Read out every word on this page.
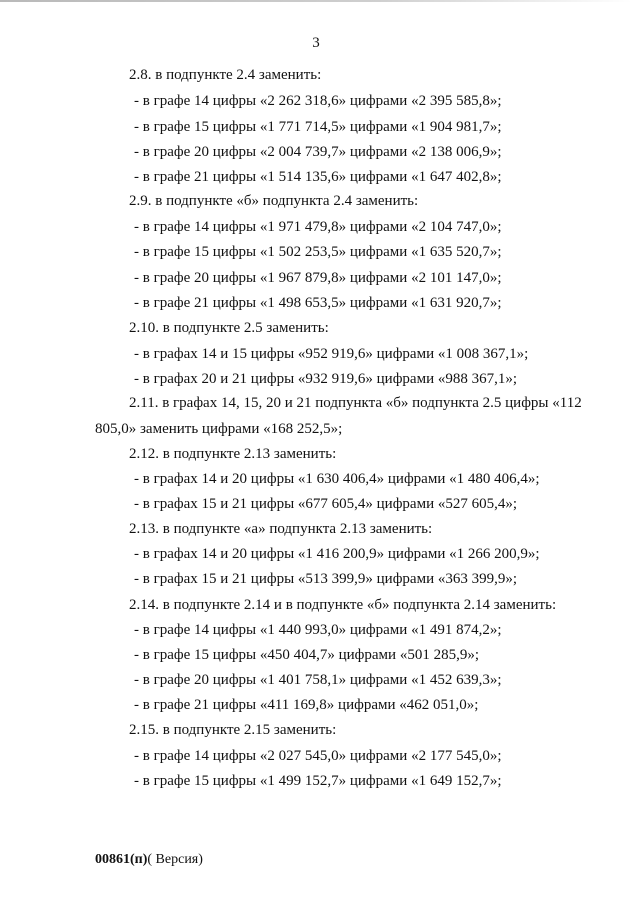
3
2.8. в подпункте 2.4 заменить:
- в графе 14 цифры «2 262 318,6» цифрами «2 395 585,8»;
- в графе 15 цифры «1 771 714,5» цифрами «1 904 981,7»;
- в графе 20 цифры «2 004 739,7» цифрами «2 138 006,9»;
- в графе 21 цифры «1 514 135,6» цифрами «1 647 402,8»;
2.9. в подпункте «б» подпункта 2.4 заменить:
- в графе 14 цифры «1 971 479,8» цифрами «2 104 747,0»;
- в графе 15 цифры «1 502 253,5» цифрами «1 635 520,7»;
- в графе 20 цифры «1 967 879,8» цифрами «2 101 147,0»;
- в графе 21 цифры «1 498 653,5» цифрами «1 631 920,7»;
2.10. в подпункте 2.5 заменить:
- в графах 14 и 15 цифры «952 919,6» цифрами «1 008 367,1»;
- в графах 20 и 21 цифры «932 919,6» цифрами «988 367,1»;
2.11. в графах 14, 15, 20 и 21 подпункта «б» подпункта 2.5 цифры «112
805,0» заменить цифрами «168 252,5»;
2.12. в подпункте 2.13 заменить:
- в графах 14 и 20 цифры «1 630 406,4» цифрами «1 480 406,4»;
- в графах 15 и 21 цифры «677 605,4» цифрами «527 605,4»;
2.13. в подпункте «а» подпункта 2.13 заменить:
- в графах 14 и 20 цифры «1 416 200,9» цифрами «1 266 200,9»;
- в графах 15 и 21 цифры «513 399,9» цифрами «363 399,9»;
2.14. в подпункте 2.14 и в подпункте «б» подпункта 2.14 заменить:
- в графе 14 цифры «1 440 993,0» цифрами «1 491 874,2»;
- в графе 15 цифры «450 404,7» цифрами «501 285,9»;
- в графе 20 цифры «1 401 758,1» цифрами «1 452 639,3»;
- в графе 21 цифры «411 169,8» цифрами «462 051,0»;
2.15. в подпункте 2.15 заменить:
- в графе 14 цифры «2 027 545,0» цифрами «2 177 545,0»;
- в графе 15 цифры «1 499 152,7» цифрами «1 649 152,7»;
00861(п)( Версия)
